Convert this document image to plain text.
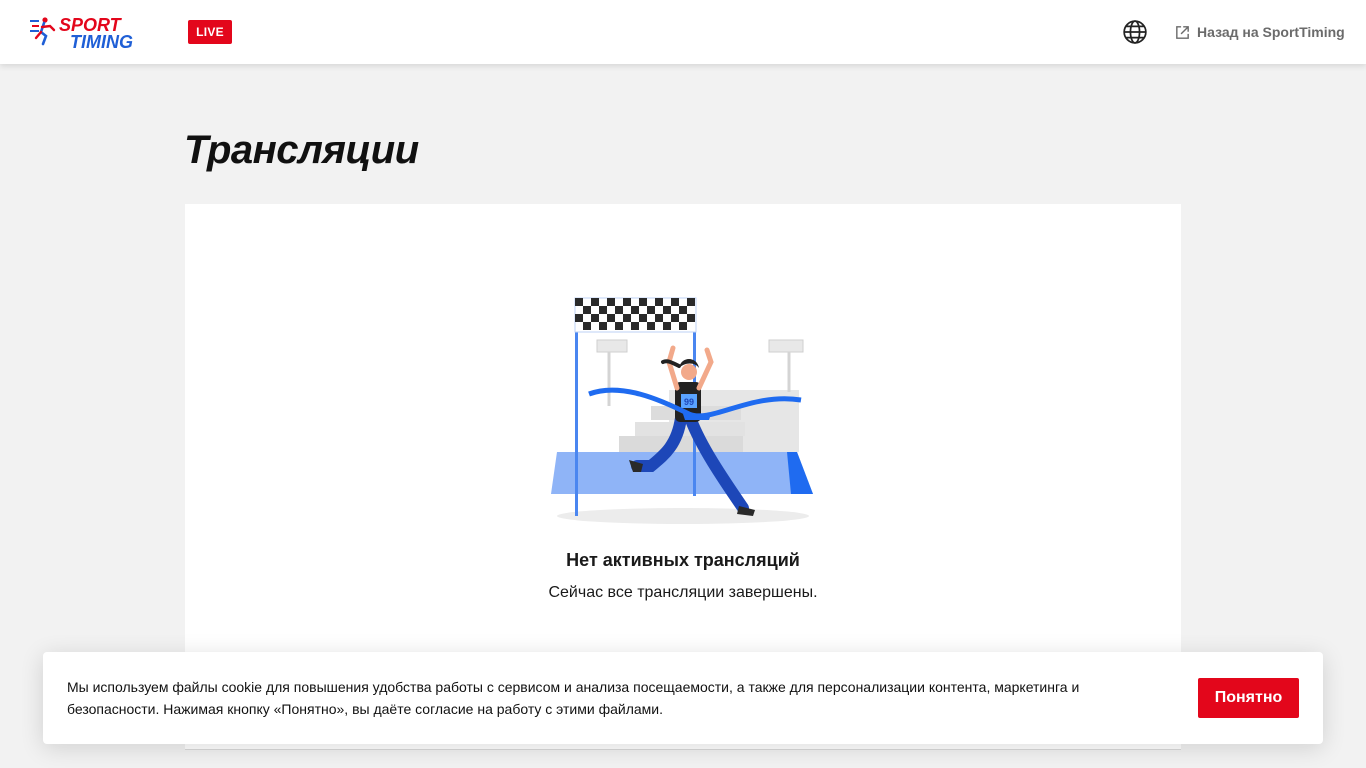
SPORT
TIMING	LIVE	Назад на SportTiming
Трансляции
99
Нет активных трансляций
Сейчас все трансляции завершены.

Мы используем файлы cookie для повышения удобства работы с сервисом и анализа посещаемости, а также для персонализации контента, маркетинга и безопасности. Нажимая кнопку «Понятно», вы даёте согласие на работу с этими файлами.

Понятно
